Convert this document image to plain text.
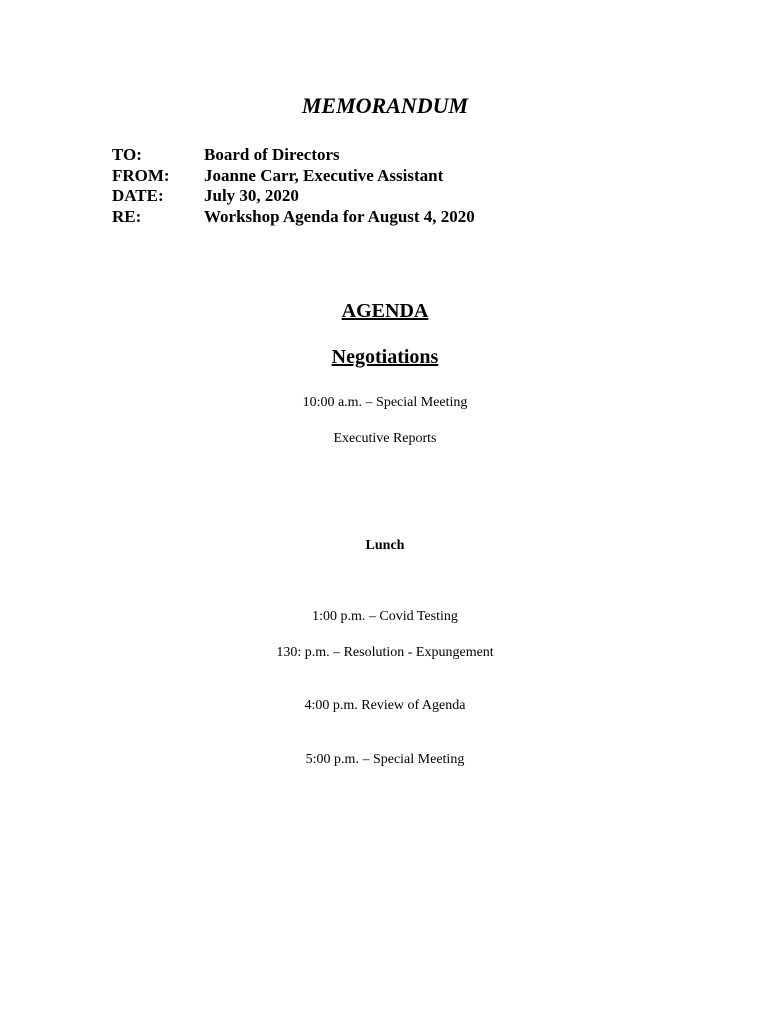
MEMORANDUM
TO:	Board of Directors
FROM:	Joanne Carr, Executive Assistant
DATE:	July 30, 2020
RE:	Workshop Agenda for August 4, 2020
AGENDA
Negotiations
10:00 a.m. – Special Meeting
Executive Reports
Lunch
1:00 p.m. – Covid Testing
130: p.m. – Resolution - Expungement
4:00 p.m. Review of Agenda
5:00 p.m. – Special Meeting
